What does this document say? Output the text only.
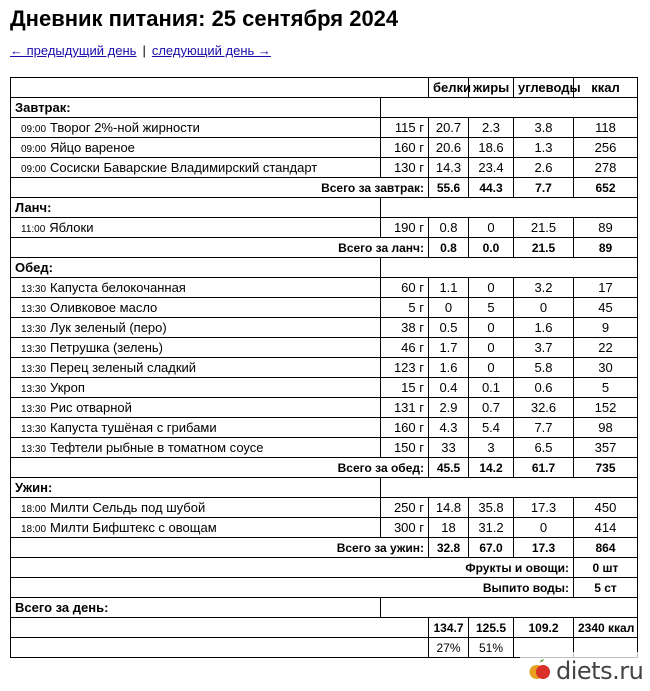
Дневник питания: 25 сентября 2024
← предыдущий день | следующий день →
		белки	жиры	углеводы	ккал
Завтрак:					
09:00 Творог 2%-ной жирности	115 г	20.7	2.3	3.8	118
09:00 Яйцо вареное	160 г	20.6	18.6	1.3	256
09:00 Сосиски Баварские Владимирский стандарт	130 г	14.3	23.4	2.6	278
Всего за завтрак:		55.6	44.3	7.7	652
Ланч:					
11:00 Яблоки	190 г	0.8	0	21.5	89
Всего за ланч:		0.8	0.0	21.5	89
Обед:					
13:30 Капуста белокочанная	60 г	1.1	0	3.2	17
13:30 Оливковое масло	5 г	0	5	0	45
13:30 Лук зеленый (перо)	38 г	0.5	0	1.6	9
13:30 Петрушка (зелень)	46 г	1.7	0	3.7	22
13:30 Перец зеленый сладкий	123 г	1.6	0	5.8	30
13:30 Укроп	15 г	0.4	0.1	0.6	5
13:30 Рис отварной	131 г	2.9	0.7	32.6	152
13:30 Капуста тушёная с грибами	160 г	4.3	5.4	7.7	98
13:30 Тефтели рыбные в томатном соусе	150 г	33	3	6.5	357
Всего за обед:		45.5	14.2	61.7	735
Ужин:					
18:00 Милти Сельдь под шубой	250 г	14.8	35.8	17.3	450
18:00 Милти Бифштекс с овощам	300 г	18	31.2	0	414
Всего за ужин:		32.8	67.0	17.3	864
Фрукты и овощи:					0 шт
Выпито воды:					5 ст
Всего за день:					
		134.7	125.5	109.2	2340 ккал
		27%	51%		
diets.ru
